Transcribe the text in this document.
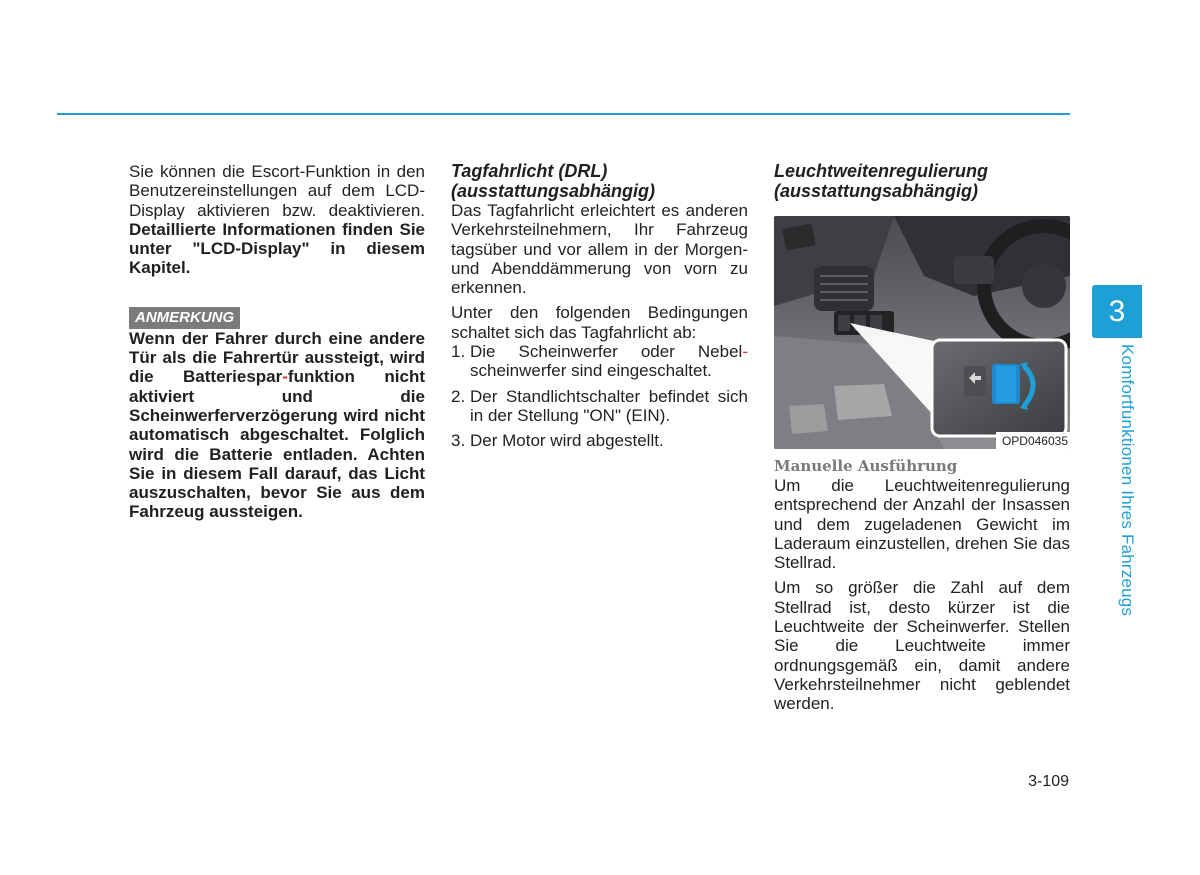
Sie können die Escort-Funktion in den Benutzereinstellungen auf dem LCD-Display aktivieren bzw. deaktivieren. Detaillierte Informationen finden Sie unter "LCD-Display" in diesem Kapitel.

ANMERKUNG

Wenn der Fahrer durch eine andere Tür als die Fahrertür aussteigt, wird die Batteriespar-funktion nicht aktiviert und die Scheinwerferverzögerung wird nicht automatisch abgeschaltet. Folglich wird die Batterie entladen. Achten Sie in diesem Fall darauf, das Licht auszuschalten, bevor Sie aus dem Fahrzeug aussteigen.

Tagfahrlicht (DRL)
(ausstattungsabhängig)

Das Tagfahrlicht erleichtert es anderen Verkehrsteilnehmern, Ihr Fahrzeug tagsüber und vor allem in der Morgen- und Abenddämmerung von vorn zu erkennen.

Unter den folgenden Bedingungen schaltet sich das Tagfahrlicht ab:

1. Die Scheinwerfer oder Nebel-scheinwerfer sind eingeschaltet.
2. Der Standlichtschalter befindet sich in der Stellung "ON" (EIN).
3. Der Motor wird abgestellt.

Leuchtweitenregulierung
(ausstattungsabhängig)

OPD046035

Manuelle Ausführung

Um die Leuchtweitenregulierung entsprechend der Anzahl der Insassen und dem zugeladenen Gewicht im Laderaum einzustellen, drehen Sie das Stellrad.

Um so größer die Zahl auf dem Stellrad ist, desto kürzer ist die Leuchtweite der Scheinwerfer. Stellen Sie die Leuchtweite immer ordnungsgemäß ein, damit andere Verkehrsteilnehmer nicht geblendet werden.

3
Komfortfunktionen Ihres Fahrzeugs
3-109
